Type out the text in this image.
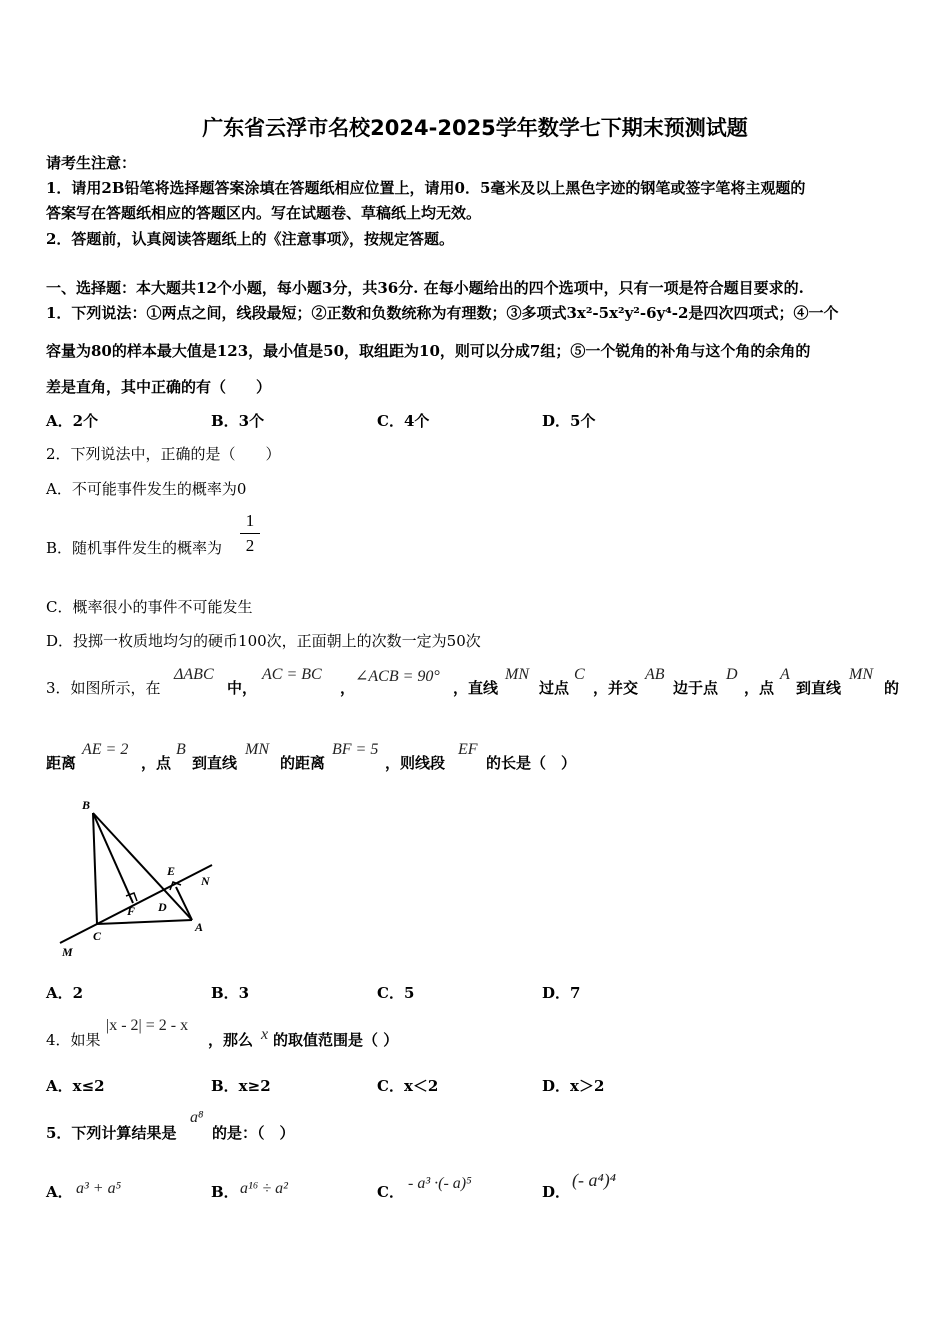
广东省云浮市名校2024-2025学年数学七下期末预测试题
请考生注意：
1．请用2B铅笔将选择题答案涂填在答题纸相应位置上，请用0．5毫米及以上黑色字迹的钢笔或签字笔将主观题的
答案写在答题纸相应的答题区内。写在试题卷、草稿纸上均无效。
2．答题前，认真阅读答题纸上的《注意事项》，按规定答题。
一、选择题：本大题共12个小题，每小题3分，共36分. 在每小题给出的四个选项中，只有一项是符合题目要求的.
1．下列说法：①两点之间，线段最短；②正数和负数统称为有理数；③多项式3x²-5x²y²-6y⁴-2是四次四项式；④一个
容量为80的样本最大值是123，最小值是50，取组距为10，则可以分成7组；⑤一个锐角的补角与这个角的余角的
差是直角，其中正确的有（　　）
A．2个	B．3个	C．4个	D．5个
2．下列说法中，正确的是（　　）
A．不可能事件发生的概率为0
B．随机事件发生的概率为
1
2
C．概率很小的事件不可能发生
D．投掷一枚质地均匀的硬币100次，正面朝上的次数一定为50次
3．如图所示，在
ΔABC
中，
AC = BC
，
∠ACB = 90°
，直线
MN
过点
C
，并交
AB
边于点
D
，点
A
到直线
MN
的
距离
AE = 2
，点
B
到直线
MN
的距离
BF = 5
，则线段
EF
的长是（　）
B
E
N
D
F
C
A
M
A．2	B．3	C．5	D．7
4．如果
|x - 2| = 2 - x
，那么 x 的取值范围是（ ）
A．x≤2	B．x≥2	C．x＜2	D．x＞2
5．下列计算结果是
a⁸
的是：（　）
A． a³ + a⁵	B． a¹⁶ ÷ a²	C． - a³ ·(- a)⁵	D．
(- a⁴)⁴
